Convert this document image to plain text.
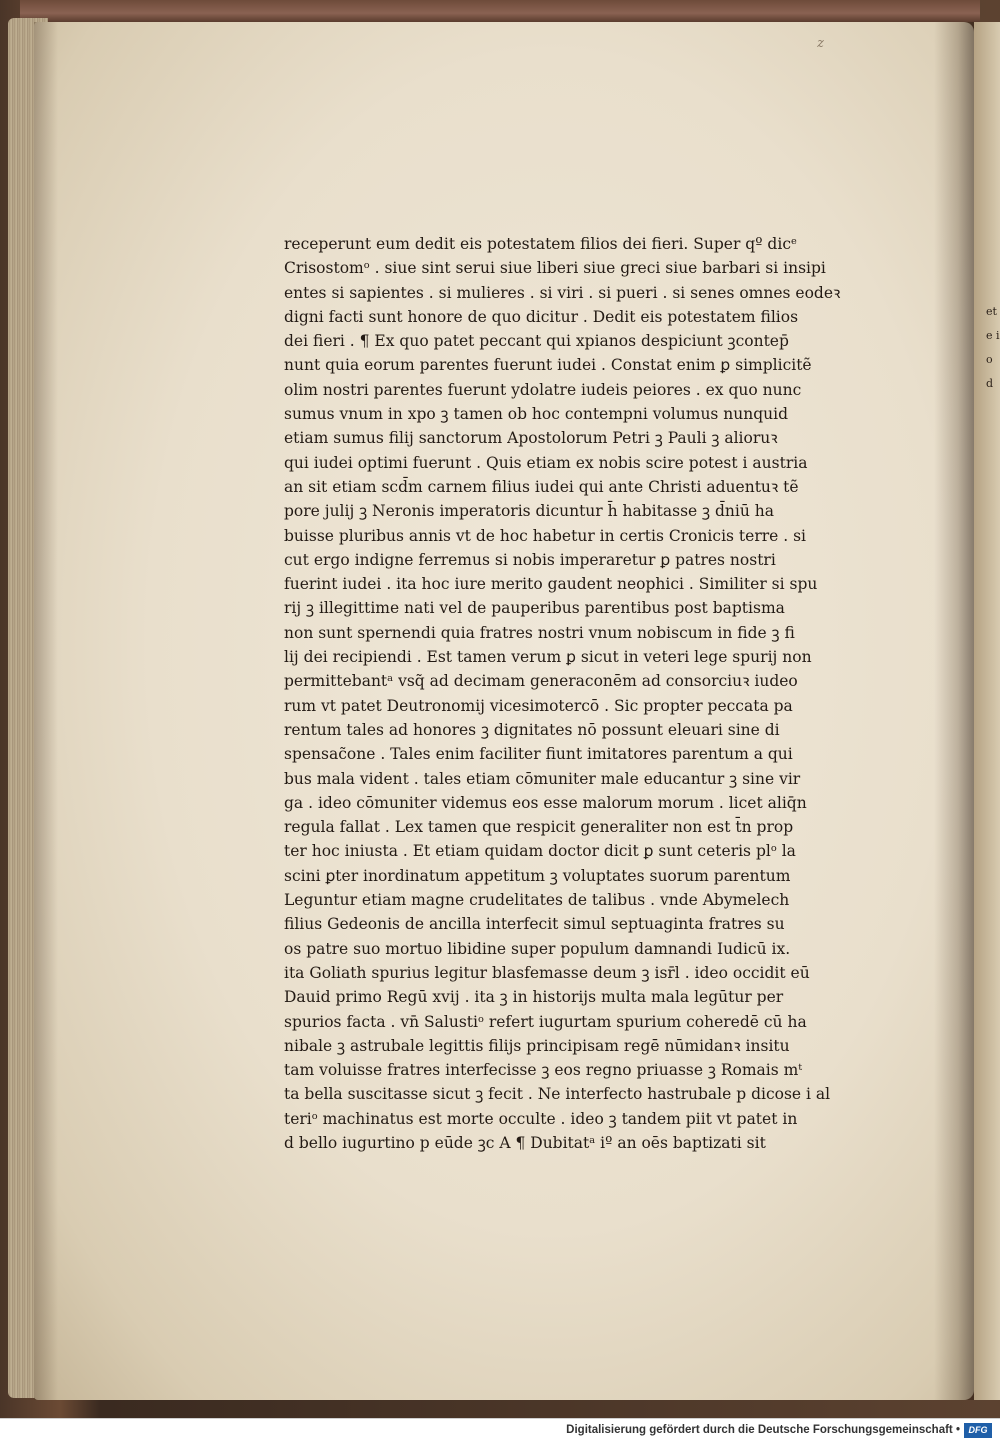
z
ete io d
receperunt eum dedit eis potestatem filios dei fieri. Super qº dicᵉ
Crisostomᵒ . siue sint serui siue liberi siue greci siue barbari si insipi
entes si sapientes . si mulieres . si viri . si pueri . si senes omnes eodeꝛ
digni facti sunt honore de quo dicitur . Dedit eis potestatem filios
dei fieri . ¶ Ex quo patet peccant qui xpianos despiciunt ꝫcontep̄
nunt quia eorum parentes fuerunt iudei . Constat enim ꝑ simplicitẽ
olim nostri parentes fuerunt ydolatre iudeis peiores . ex quo nunc
sumus vnum in xpo ꝫ tamen ob hoc contempni volumus nunquid
etiam sumus filij sanctorum Apostolorum Petri ꝫ Pauli ꝫ alioruꝛ
qui iudei optimi fuerunt . Quis etiam ex nobis scire potest i austria
an sit etiam scd̄m carnem filius iudei qui ante Christi aduentuꝛ tẽ
pore julij ꝫ Neronis imperatoris dicuntur h̄ habitasse ꝫ d̄niū ha
buisse pluribus annis vt de hoc habetur in certis Cronicis terre . si
cut ergo indigne ferremus si nobis imperaretur ꝑ patres nostri
fuerint iudei . ita hoc iure merito gaudent neophici . Similiter si spu
rij ꝫ illegittime nati vel de pauperibus parentibus post baptisma
non sunt spernendi quia fratres nostri vnum nobiscum in fide ꝫ fi
lij dei recipiendi . Est tamen verum ꝑ sicut in veteri lege spurij non
permittebantᵃ vsq̃ ad decimam generaconēm ad consorciuꝛ iudeo
rum vt patet Deutronomij vicesimotercō . Sic propter peccata pa
rentum tales ad honores ꝫ dignitates nō possunt eleuari sine di
spensac̃one . Tales enim faciliter fiunt imitatores parentum a qui
bus mala vident . tales etiam cōmuniter male educantur ꝫ sine vir
ga . ideo cōmuniter videmus eos esse malorum morum . licet aliq̄n
regula fallat . Lex tamen que respicit generaliter non est t̄n prop
ter hoc iniusta . Et etiam quidam doctor dicit ꝑ sunt ceteris plᵒ la
scini ꝑter inordinatum appetitum ꝫ voluptates suorum parentum
Leguntur etiam magne crudelitates de talibus . vnde Abymelech
filius Gedeonis de ancilla interfecit simul septuaginta fratres su
os patre suo mortuo libidine super populum damnandi Iudicū ix.
ita Goliath spurius legitur blasfemasse deum ꝫ isr̄l . ideo occidit eū
Dauid primo Regū xvij . ita ꝫ in historijs multa mala legūtur per
spurios facta . vn̄ Salustiᵒ refert iugurtam spurium coheredē cū ha
nibale ꝫ astrubale legittis filijs principisam regē nūmidanꝛ insitu
tam voluisse fratres interfecisse ꝫ eos regno priuasse ꝫ Romais mᵗ
ta bella suscitasse sicut ꝫ fecit . Ne interfecto hastrubale p dicose i al
teriᵒ machinatus est morte occulte . ideo ꝫ tandem piit vt patet in
d bello iugurtino p eūde ꝫc A ¶ Dubitatᵃ iº an oēs baptizati sit
Digitalisierung gefördert durch die Deutsche Forschungsgemeinschaft • DFG
